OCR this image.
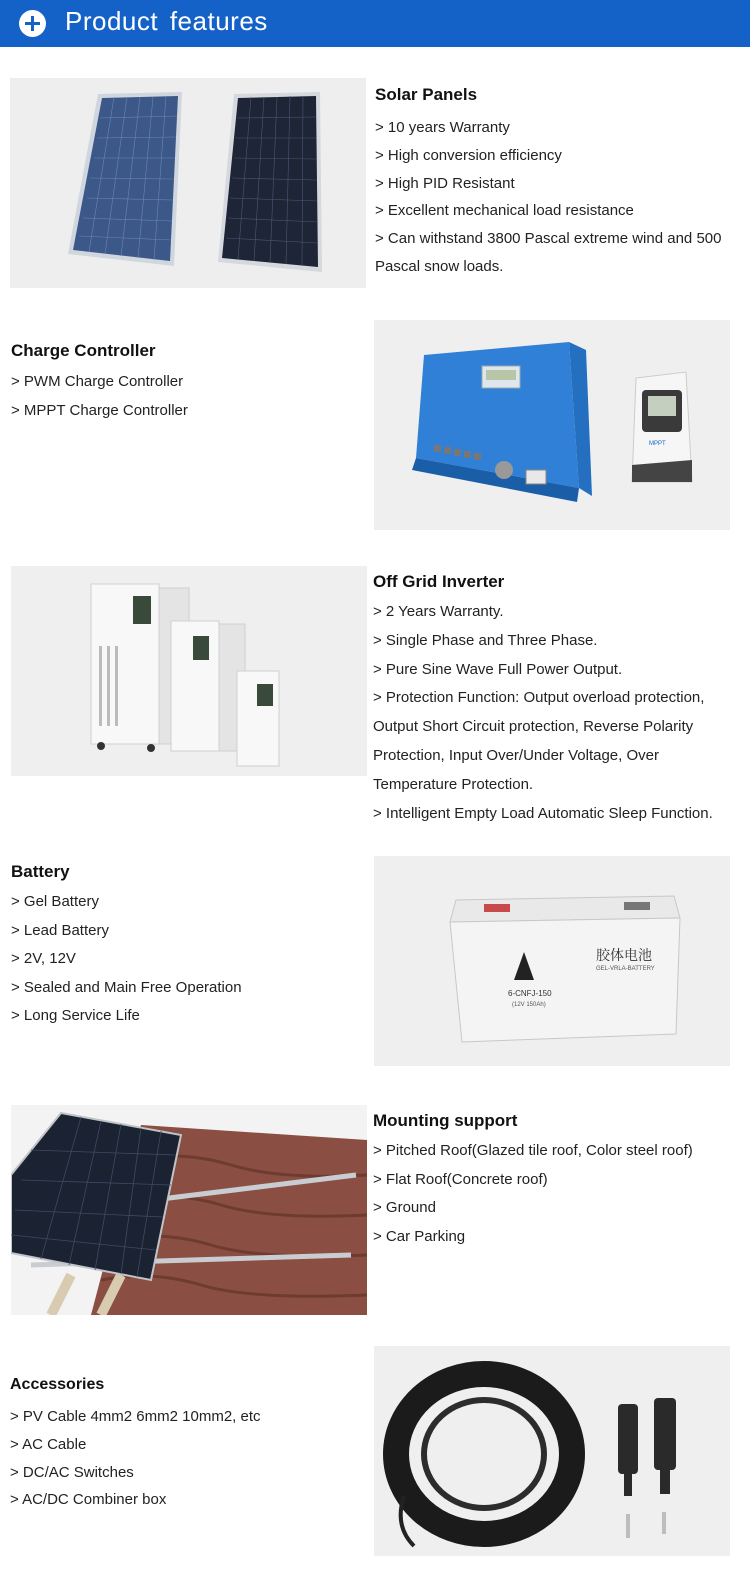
Product features
Solar Panels
> 10 years Warranty
> High conversion efficiency
> High PID Resistant
> Excellent mechanical load resistance
> Can withstand 3800 Pascal extreme wind and 500 Pascal snow loads.
Charge Controller
> PWM Charge Controller
> MPPT Charge Controller
MPPT
Off Grid Inverter
> 2 Years Warranty.
> Single Phase and Three Phase.
> Pure Sine Wave Full Power Output.
> Protection Function: Output overload protection, Output Short Circuit protection, Reverse Polarity Protection, Input Over/Under Voltage, Over Temperature Protection.
> Intelligent Empty Load Automatic Sleep Function.
Battery
> Gel Battery
> Lead Battery
> 2V, 12V
> Sealed and Main Free Operation
> Long Service Life
胶体电池
GEL-VRLA-BATTERY
6-CNFJ-150
(12V 150Ah)
Mounting support
> Pitched Roof(Glazed tile roof, Color steel roof)
> Flat Roof(Concrete roof)
> Ground
> Car Parking
Accessories
> PV Cable 4mm2 6mm2 10mm2, etc
> AC Cable
> DC/AC Switches
> AC/DC Combiner box
